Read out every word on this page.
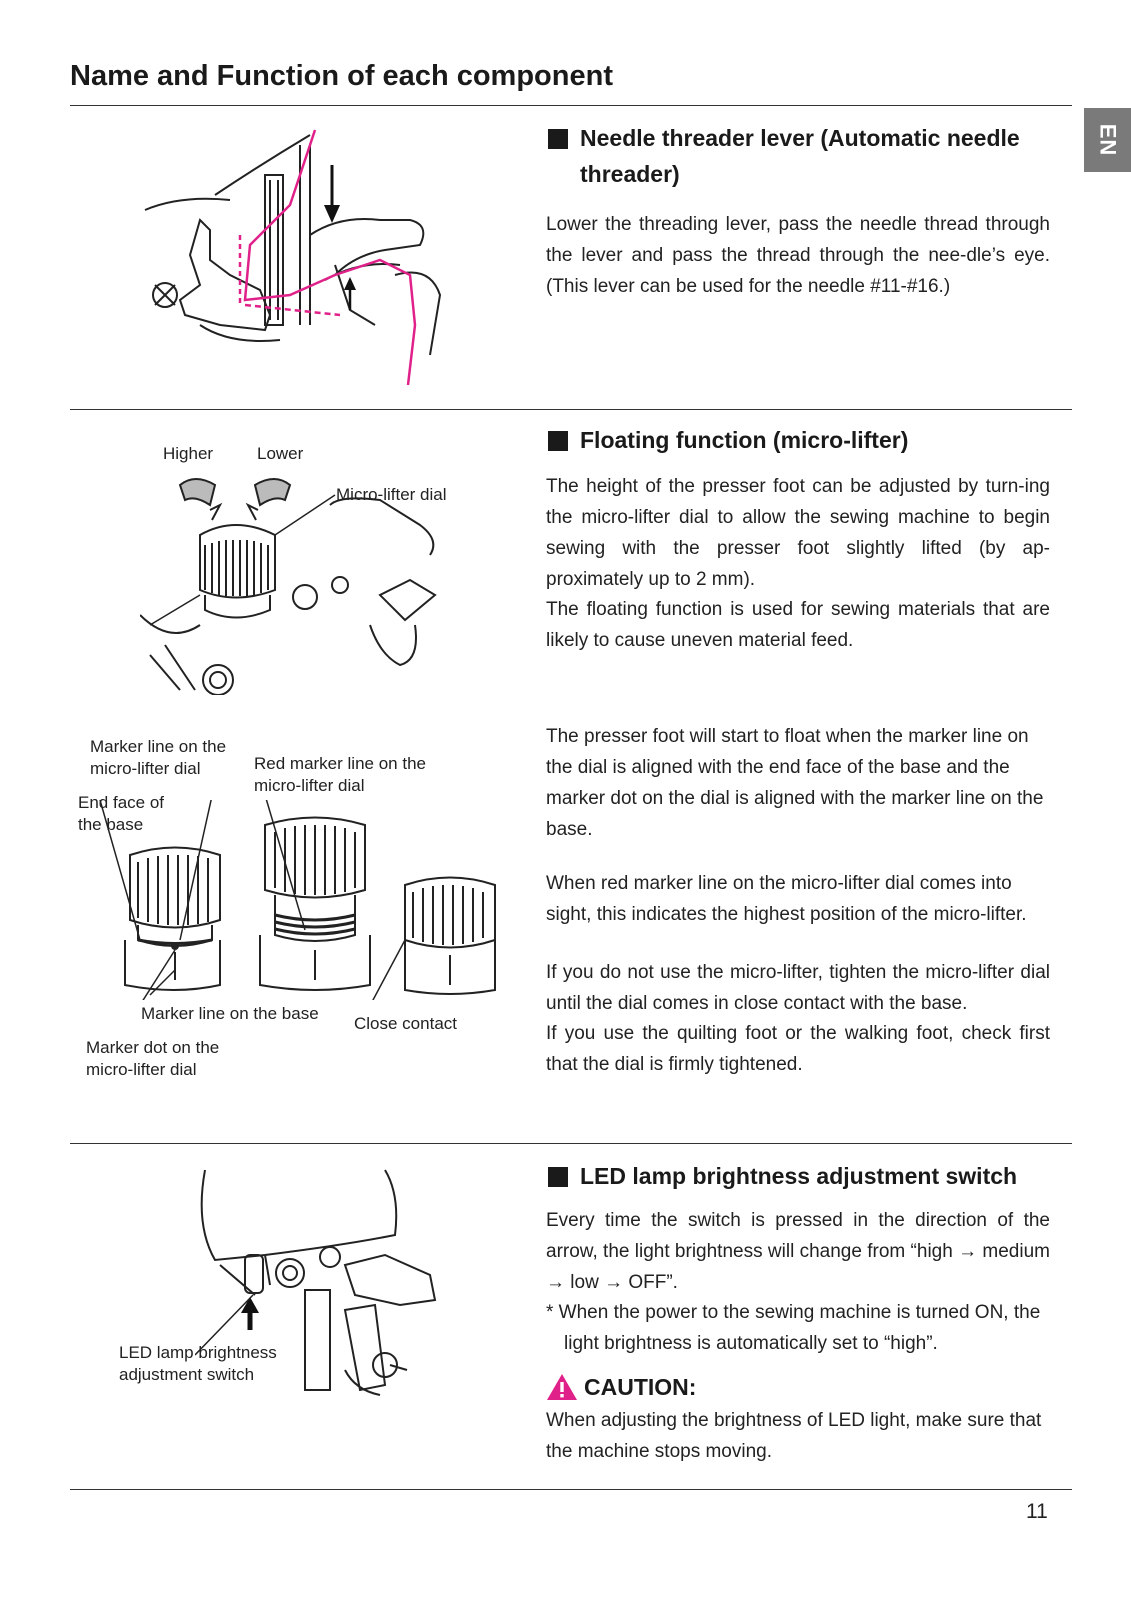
Name and Function of each component
EN
Needle threader lever (Automatic needle threader)

Lower the threading lever, pass the needle thread through the lever and pass the thread through the nee-dle’s eye. (This lever can be used for the needle #11-#16.)

Higher	Lower
Micro-lifter dial
Floating function (micro-lifter)

The height of the presser foot can be adjusted by turn-ing the micro-lifter dial to allow the sewing machine to begin sewing with the presser foot slightly lifted (by ap-proximately up to 2 mm).

The floating function is used for sewing materials that are likely to cause uneven material feed.

Marker line on the
micro-lifter dial
End face of
the base
Red marker line on the
micro-lifter dial
Marker line on the base
Close contact
Marker dot on the
micro-lifter dial

The presser foot will start to float when the marker line on the dial is aligned with the end face of the base and the marker dot on the dial is aligned with the marker line on the base.

When red marker line on the micro-lifter dial comes into sight, this indicates the highest position of the micro-lifter.

If you do not use the micro-lifter, tighten the micro-lifter dial until the dial comes in close contact with the base.

If you use the quilting foot or the walking foot, check first that the dial is firmly tightened.

LED lamp brightness
adjustment switch
LED lamp brightness adjustment switch

Every time the switch is pressed in the direction of the arrow, the light brightness will change from “high → medium → low → OFF”.

* When the power to the sewing machine is turned ON, the light brightness is automatically set to “high”.

CAUTION:

When adjusting the brightness of LED light, make sure that the machine stops moving.

11
